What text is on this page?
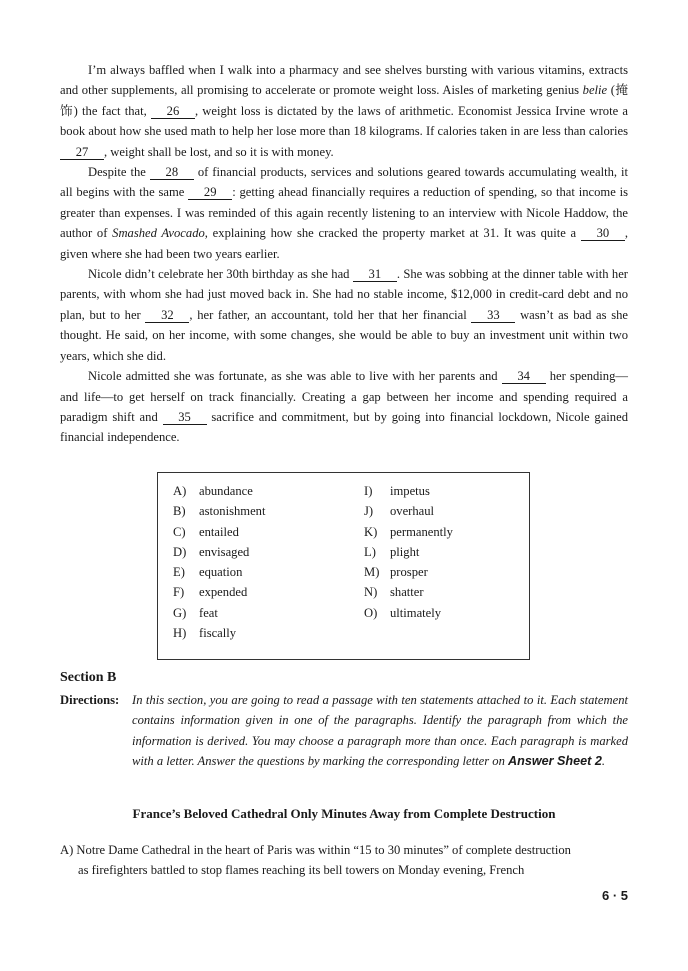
I’m always baffled when I walk into a pharmacy and see shelves bursting with various vitamins, extracts and other supplements, all promising to accelerate or promote weight loss. Aisles of marketing genius belie (掩饰) the fact that, 26 , weight loss is dictated by the laws of arithmetic. Economist Jessica Irvine wrote a book about how she used math to help her lose more than 18 kilograms. If calories taken in are less than calories 27 , weight shall be lost, and so it is with money.

Despite the 28 of financial products, services and solutions geared towards accumulating wealth, it all begins with the same 29 : getting ahead financially requires a reduction of spending, so that income is greater than expenses. I was reminded of this again recently listening to an interview with Nicole Haddow, the author of Smashed Avocado, explaining how she cracked the property market at 31. It was quite a 30 , given where she had been two years earlier.

Nicole didn’t celebrate her 30th birthday as she had 31 . She was sobbing at the dinner table with her parents, with whom she had just moved back in. She had no stable income, $12,000 in credit-card debt and no plan, but to her 32 , her father, an accountant, told her that her financial 33 wasn’t as bad as she thought. He said, on her income, with some changes, she would be able to buy an investment unit within two years, which she did.

Nicole admitted she was fortunate, as she was able to live with her parents and 34 her spending—and life—to get herself on track financially. Creating a gap between her income and spending required a paradigm shift and 35 sacrifice and commitment, but by going into financial lockdown, Nicole gained financial independence.

A) abundance
B) astonishment
C) entailed
D) envisaged
E) equation
F) expended
G) feat
H) fiscally
I) impetus
J) overhaul
K) permanently
L) plight
M) prosper
N) shatter
O) ultimately
Section B
Directions:	In this section, you are going to read a passage with ten statements attached to it. Each statement contains information given in one of the paragraphs. Identify the paragraph from which the information is derived. You may choose a paragraph more than once. Each paragraph is marked with a letter. Answer the questions by marking the corresponding letter on Answer Sheet 2.
France’s Beloved Cathedral Only Minutes Away from Complete Destruction
A) Notre Dame Cathedral in the heart of Paris was within “15 to 30 minutes” of complete destruction
as firefighters battled to stop flames reaching its bell towers on Monday evening, French
6 · 5
